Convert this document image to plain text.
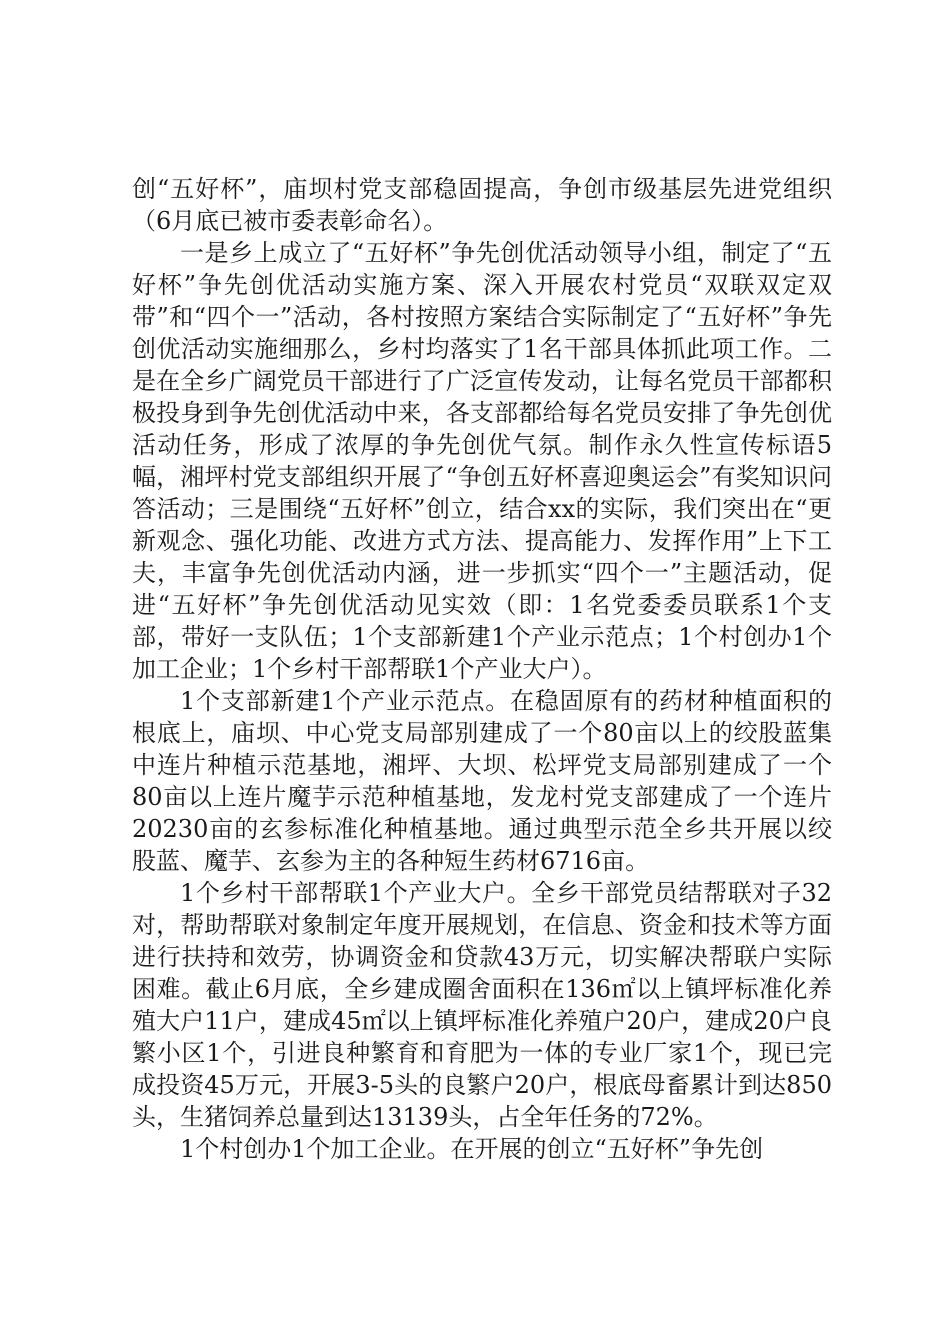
创“五好杯”，庙坝村党支部稳固提高，争创市级基层先进党组织（6月底已被市委表彰命名）。

一是乡上成立了“五好杯”争先创优活动领导小组，制定了“五好杯”争先创优活动实施方案、深入开展农村党员“双联双定双带”和“四个一”活动，各村按照方案结合实际制定了“五好杯”争先创优活动实施细那么，乡村均落实了1名干部具体抓此项工作。二是在全乡广阔党员干部进行了广泛宣传发动，让每名党员干部都积极投身到争先创优活动中来，各支部都给每名党员安排了争先创优活动任务，形成了浓厚的争先创优气氛。制作永久性宣传标语5幅，湘坪村党支部组织开展了“争创五好杯喜迎奥运会”有奖知识问答活动；三是围绕“五好杯”创立，结合xx的实际，我们突出在“更新观念、强化功能、改进方式方法、提高能力、发挥作用”上下工夫，丰富争先创优活动内涵，进一步抓实“四个一”主题活动，促进“五好杯”争先创优活动见实效（即：1名党委委员联系1个支部，带好一支队伍；1个支部新建1个产业示范点；1个村创办1个加工企业；1个乡村干部帮联1个产业大户）。

1个支部新建1个产业示范点。在稳固原有的药材种植面积的根底上，庙坝、中心党支局部别建成了一个80亩以上的绞股蓝集中连片种植示范基地，湘坪、大坝、松坪党支局部别建成了一个80亩以上连片魔芋示范种植基地，发龙村党支部建成了一个连片20230亩的玄参标准化种植基地。通过典型示范全乡共开展以绞股蓝、魔芋、玄参为主的各种短生药材6716亩。

1个乡村干部帮联1个产业大户。全乡干部党员结帮联对子32对，帮助帮联对象制定年度开展规划，在信息、资金和技术等方面进行扶持和效劳，协调资金和贷款43万元，切实解决帮联户实际困难。截止6月底，全乡建成圈舍面积在136㎡以上镇坪标准化养殖大户11户，建成45㎡以上镇坪标准化养殖户20户，建成20户良繁小区1个，引进良种繁育和育肥为一体的专业厂家1个，现已完成投资45万元，开展3-5头的良繁户20户，根底母畜累计到达850头，生猪饲养总量到达13139头，占全年任务的72%。

1个村创办1个加工企业。在开展的创立“五好杯”争先创
